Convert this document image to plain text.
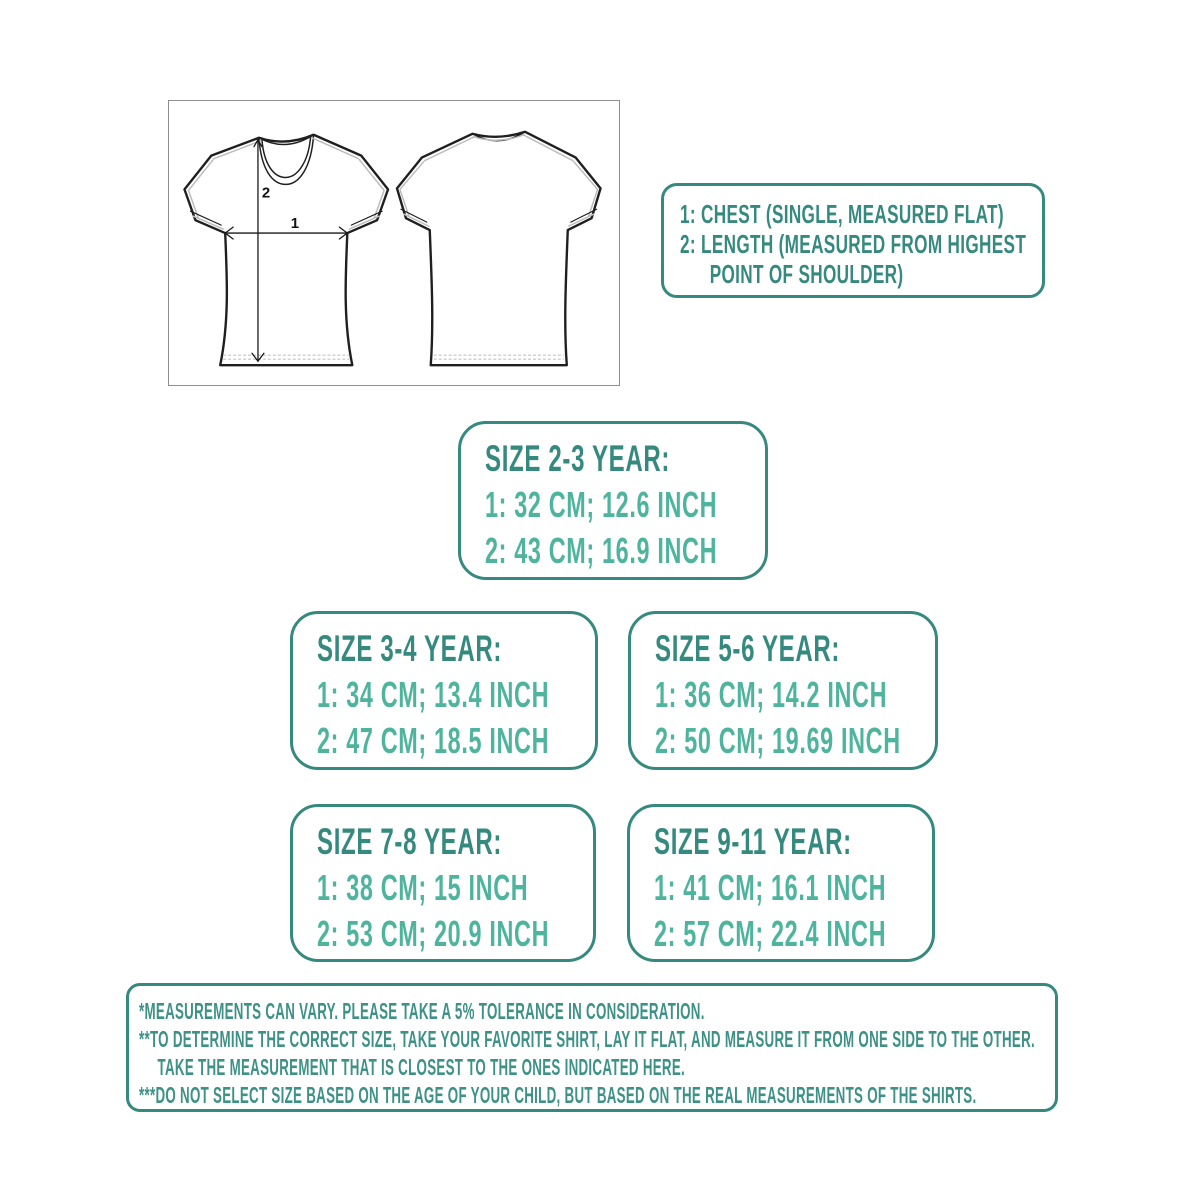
2
1	1: CHEST (SINGLE, MEASURED FLAT)
2: LENGTH (MEASURED FROM HIGHEST
POINT OF SHOULDER)
SIZE 2-3 YEAR:
1: 32 CM; 12.6 INCH
2: 43 CM; 16.9 INCH
SIZE 3-4 YEAR:
1: 34 CM; 13.4 INCH
2: 47 CM; 18.5 INCH
SIZE 5-6 YEAR:
1: 36 CM; 14.2 INCH
2: 50 CM; 19.69 INCH
SIZE 7-8 YEAR:
1: 38 CM; 15 INCH
2: 53 CM; 20.9 INCH
SIZE 9-11 YEAR:
1: 41 CM; 16.1 INCH
2: 57 CM; 22.4 INCH
*MEASUREMENTS CAN VARY. PLEASE TAKE A 5% TOLERANCE IN CONSIDERATION.
**TO DETERMINE THE CORRECT SIZE, TAKE YOUR FAVORITE SHIRT, LAY IT FLAT, AND MEASURE IT FROM ONE SIDE TO THE OTHER.
TAKE THE MEASUREMENT THAT IS CLOSEST TO THE ONES INDICATED HERE.
***DO NOT SELECT SIZE BASED ON THE AGE OF YOUR CHILD, BUT BASED ON THE REAL MEASUREMENTS OF THE SHIRTS.
